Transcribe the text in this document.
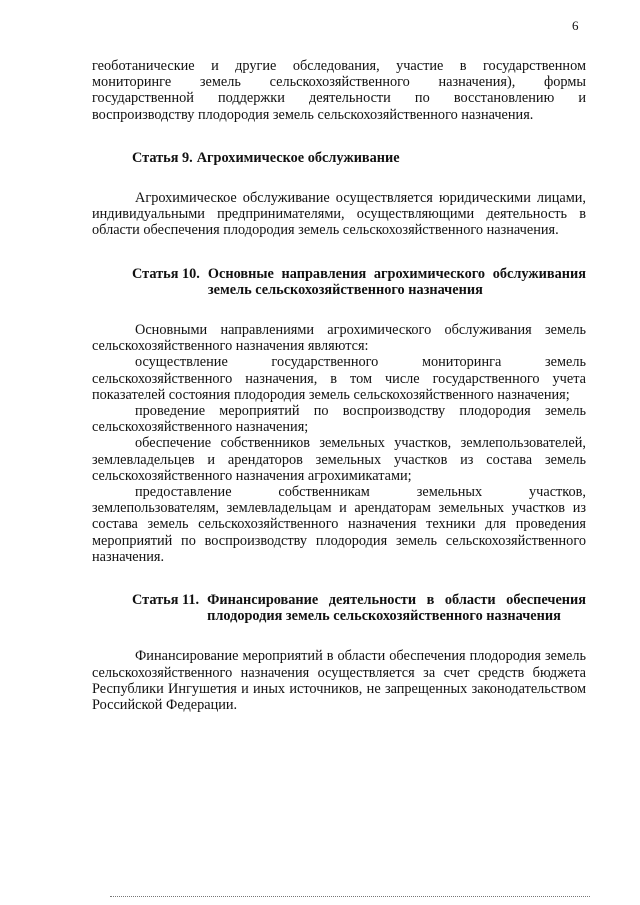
6

геоботанические и другие обследования, участие в государственном мониторинге земель сельскохозяйственного назначения), формы государственной поддержки деятельности по восстановлению и воспроизводству плодородия земель сельскохозяйственного назначения.

Статья 9. Агрохимическое обслуживание

Агрохимическое обслуживание осуществляется юридическими лицами, индивидуальными предпринимателями, осуществляющими деятельность в области обеспечения плодородия земель сельскохозяйственного назначения.

Статья 10. Основные направления агрохимического обслуживания земель сельскохозяйственного назначения

Основными направлениями агрохимического обслуживания земель сельскохозяйственного назначения являются:

осуществление государственного мониторинга земель сельскохозяйственного назначения, в том числе государственного учета показателей состояния плодородия земель сельскохозяйственного назначения;

проведение мероприятий по воспроизводству плодородия земель сельскохозяйственного назначения;

обеспечение собственников земельных участков, землепользователей, землевладельцев и арендаторов земельных участков из состава земель сельскохозяйственного назначения агрохимикатами;

предоставление собственникам земельных участков, землепользователям, землевладельцам и арендаторам земельных участков из состава земель сельскохозяйственного назначения техники для проведения мероприятий по воспроизводству плодородия земель сельскохозяйственного назначения.

Статья 11. Финансирование деятельности в области обеспечения плодородия земель сельскохозяйственного назначения

Финансирование мероприятий в области обеспечения плодородия земель сельскохозяйственного назначения осуществляется за счет средств бюджета Республики Ингушетия и иных источников, не запрещенных законодательством Российской Федерации.
